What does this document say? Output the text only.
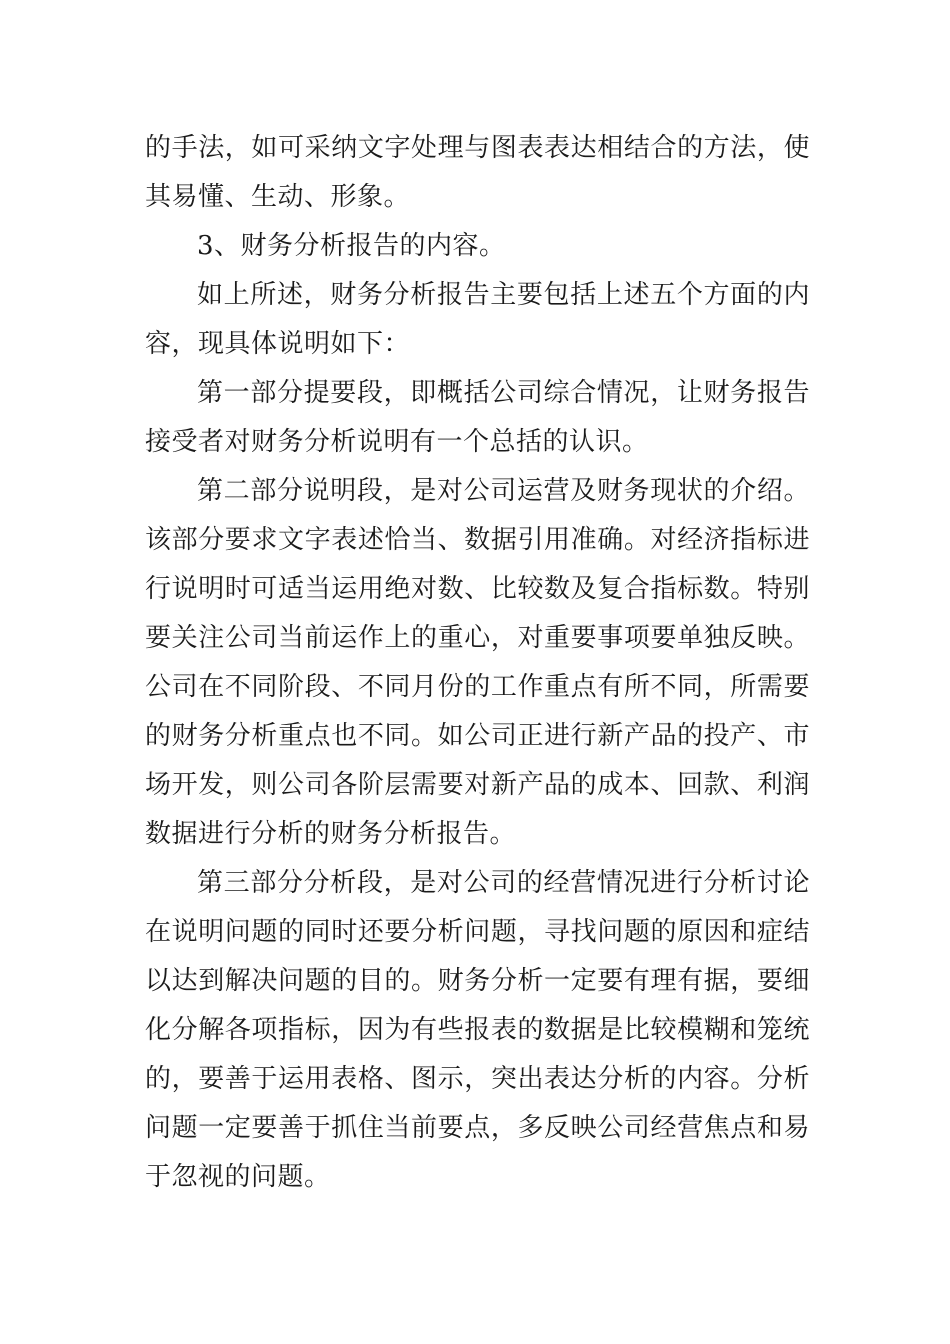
的手法，如可采纳文字处理与图表表达相结合的方法，使其易懂、生动、形象。

3、财务分析报告的内容。

如上所述，财务分析报告主要包括上述五个方面的内容，现具体说明如下：

第一部分提要段，即概括公司综合情况，让财务报告接受者对财务分析说明有一个总括的认识。

第二部分说明段，是对公司运营及财务现状的介绍。该部分要求文字表述恰当、数据引用准确。对经济指标进行说明时可适当运用绝对数、比较数及复合指标数。特别要关注公司当前运作上的重心，对重要事项要单独反映。公司在不同阶段、不同月份的工作重点有所不同，所需要的财务分析重点也不同。如公司正进行新产品的投产、市场开发，则公司各阶层需要对新产品的成本、回款、利润数据进行分析的财务分析报告。

第三部分分析段，是对公司的经营情况进行分析讨论在说明问题的同时还要分析问题，寻找问题的原因和症结以达到解决问题的目的。财务分析一定要有理有据，要细化分解各项指标，因为有些报表的数据是比较模糊和笼统的，要善于运用表格、图示，突出表达分析的内容。分析问题一定要善于抓住当前要点，多反映公司经营焦点和易于忽视的问题。
